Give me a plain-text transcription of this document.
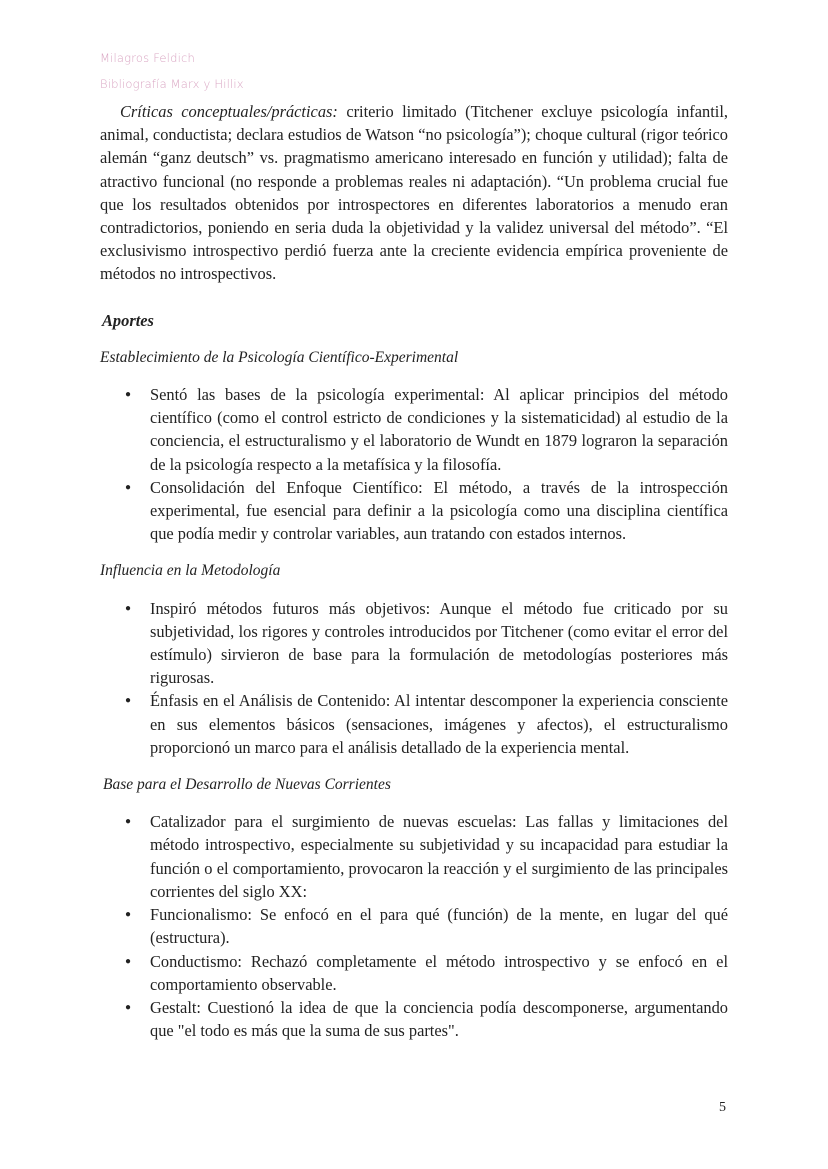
Milagros Feldich
Bibliografía Marx y Hillix

Críticas conceptuales/prácticas: criterio limitado (Titchener excluye psicología infantil, animal, conductista; declara estudios de Watson “no psicología”); choque cultural (rigor teórico alemán “ganz deutsch” vs. pragmatismo americano interesado en función y utilidad); falta de atractivo funcional (no responde a problemas reales ni adaptación). “Un problema crucial fue que los resultados obtenidos por introspectores en diferentes laboratorios a menudo eran contradictorios, poniendo en seria duda la objetividad y la validez universal del método”. “El exclusivismo introspectivo perdió fuerza ante la creciente evidencia empírica proveniente de métodos no introspectivos.

Aportes

Establecimiento de la Psicología Científico-Experimental

● Sentó las bases de la psicología experimental: Al aplicar principios del método científico (como el control estricto de condiciones y la sistematicidad) al estudio de la conciencia, el estructuralismo y el laboratorio de Wundt en 1879 lograron la separación de la psicología respecto a la metafísica y la filosofía.
● Consolidación del Enfoque Científico: El método, a través de la introspección experimental, fue esencial para definir a la psicología como una disciplina científica que podía medir y controlar variables, aun tratando con estados internos.

Influencia en la Metodología

● Inspiró métodos futuros más objetivos: Aunque el método fue criticado por su subjetividad, los rigores y controles introducidos por Titchener (como evitar el error del estímulo) sirvieron de base para la formulación de metodologías posteriores más rigurosas.
● Énfasis en el Análisis de Contenido: Al intentar descomponer la experiencia consciente en sus elementos básicos (sensaciones, imágenes y afectos), el estructuralismo proporcionó un marco para el análisis detallado de la experiencia mental.

Base para el Desarrollo de Nuevas Corrientes

● Catalizador para el surgimiento de nuevas escuelas: Las fallas y limitaciones del método introspectivo, especialmente su subjetividad y su incapacidad para estudiar la función o el comportamiento, provocaron la reacción y el surgimiento de las principales corrientes del siglo XX:
● Funcionalismo: Se enfocó en el para qué (función) de la mente, en lugar del qué (estructura).
● Conductismo: Rechazó completamente el método introspectivo y se enfocó en el comportamiento observable.
● Gestalt: Cuestionó la idea de que la conciencia podía descomponerse, argumentando que "el todo es más que la suma de sus partes".
5
